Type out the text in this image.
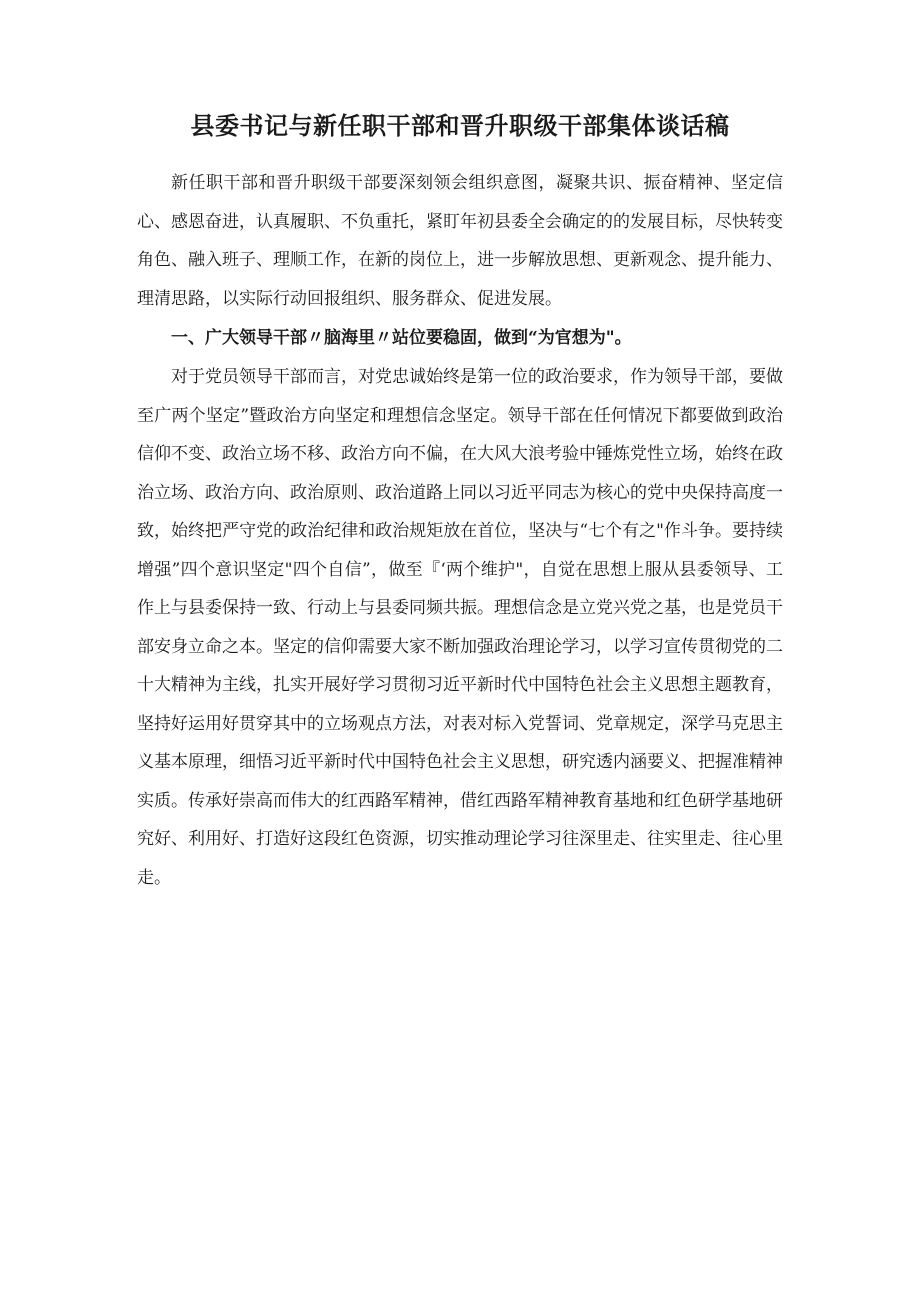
县委书记与新任职干部和晋升职级干部集体谈话稿

新任职干部和晋升职级干部要深刻领会组织意图，凝聚共识、振奋精神、坚定信心、感恩奋进，认真履职、不负重托，紧盯年初县委全会确定的的发展目标，尽快转变角色、融入班子、理顺工作，在新的岗位上，进一步解放思想、更新观念、提升能力、理清思路，以实际行动回报组织、服务群众、促进发展。

一、广大领导干部〃脑海里〃站位要稳固，做到“为官想为"。

对于党员领导干部而言，对党忠诚始终是第一位的政治要求，作为领导干部，要做至广两个坚定”暨政治方向坚定和理想信念坚定。领导干部在任何情况下都要做到政治信仰不变、政治立场不移、政治方向不偏，在大风大浪考验中锤炼党性立场，始终在政治立场、政治方向、政治原则、政治道路上同以习近平同志为核心的党中央保持高度一致，始终把严守党的政治纪律和政治规矩放在首位，坚决与“七个有之"作斗争。要持续增强”四个意识坚定"四个自信”，做至『‘两个维护"，自觉在思想上服从县委领导、工作上与县委保持一致、行动上与县委同频共振。理想信念是立党兴党之基，也是党员干部安身立命之本。坚定的信仰需要大家不断加强政治理论学习，以学习宣传贯彻党的二十大精神为主线，扎实开展好学习贯彻习近平新时代中国特色社会主义思想主题教育，坚持好运用好贯穿其中的立场观点方法，对表对标入党誓词、党章规定，深学马克思主义基本原理，细悟习近平新时代中国特色社会主义思想，研究透内涵要义、把握准精神实质。传承好崇高而伟大的红西路军精神，借红西路军精神教育基地和红色研学基地研究好、利用好、打造好这段红色资源，切实推动理论学习往深里走、往实里走、往心里走。
